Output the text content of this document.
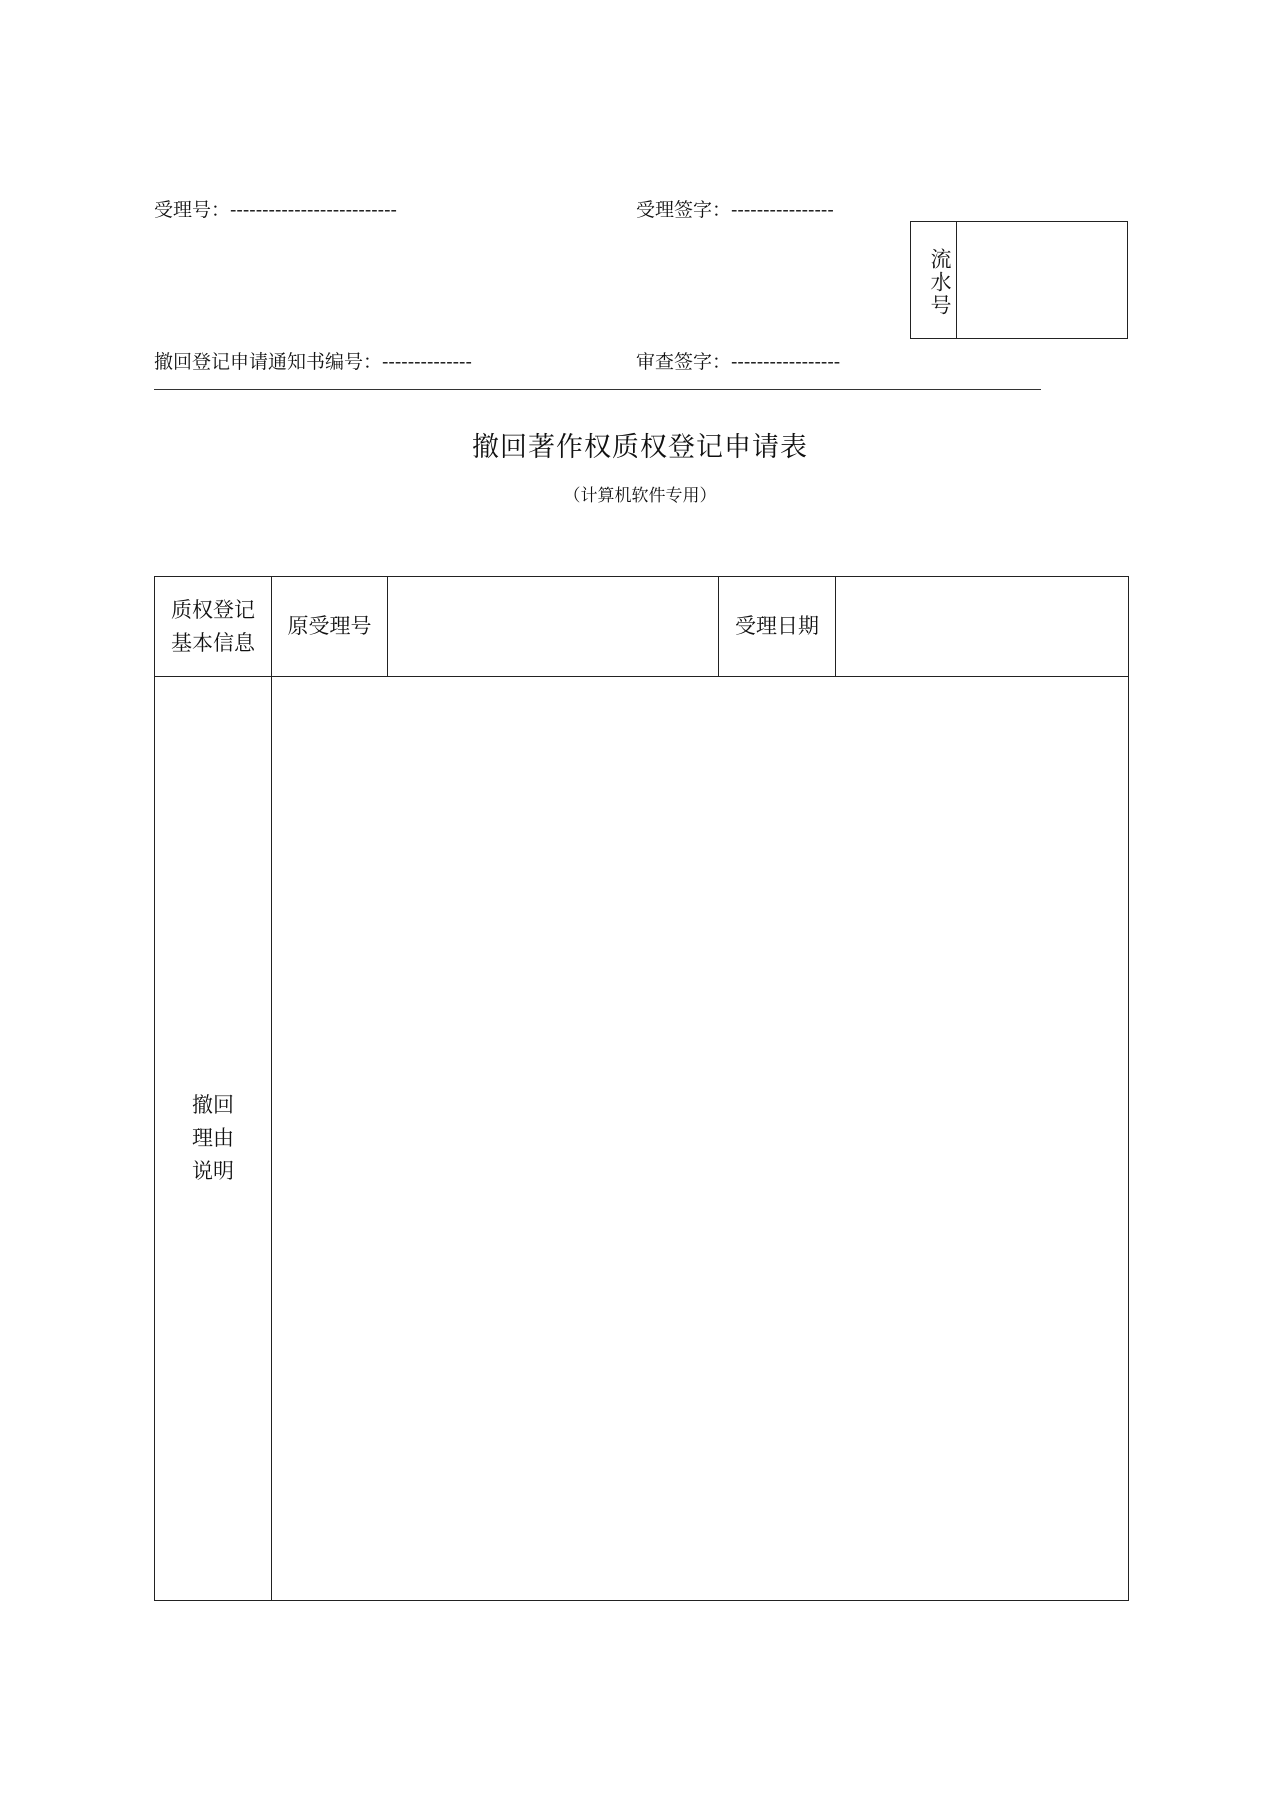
受理号：--------------------------	受理签字：----------------
流水号
撤回登记申请通知书编号：--------------	审查签字：-----------------
撤回著作权质权登记申请表
（计算机软件专用）
质权登记
基本信息	原受理号		受理日期	

撤回
理由
说明				
